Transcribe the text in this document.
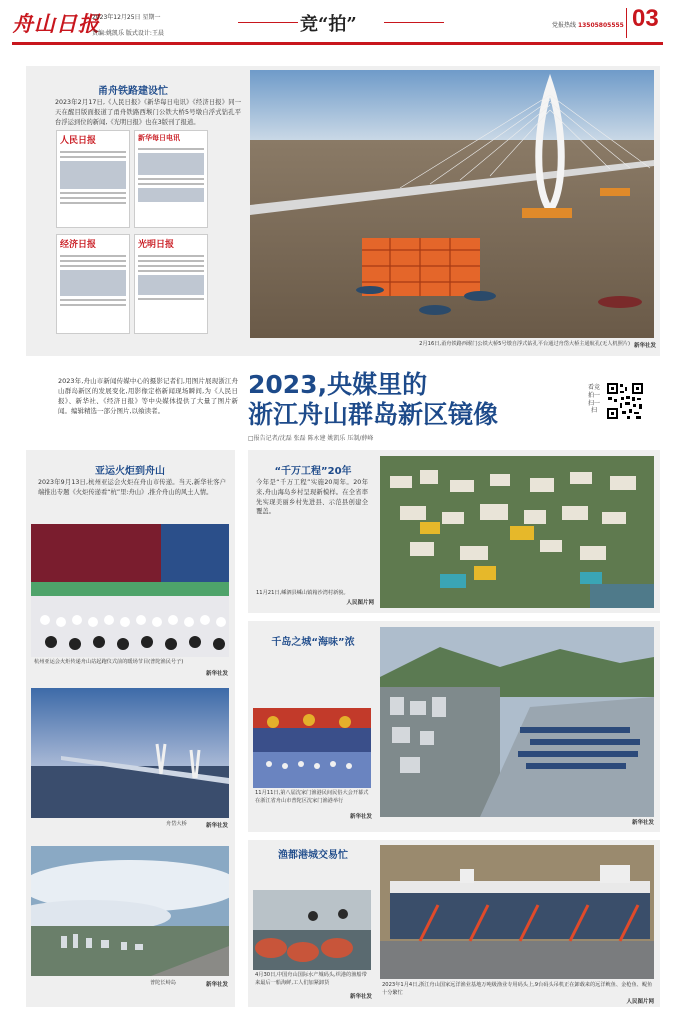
舟山日报
2023年12月25日 星期一
责编:姚凯乐 版式设计:王晨	竞“拍”	党报热线 13505805555 03
甬舟铁路建设忙
2023年2月17日,《人民日报》《新华每日电讯》《经济日报》同一天在醒目版面报道了甬舟铁路西堠门公铁大桥5号墩自浮式钻孔平台浮运到位的新闻,《光明日报》也在3版刊了报道。
人民日报	新华每日电讯
经济日报	光明日报
2月16日,甬舟铁路西堠门公铁大桥5号墩自浮式钻孔平台通过舟岱大桥主通航孔(无人机照片) 新华社发
2023年,舟山市新闻传媒中心的摄影记者们,用图片展现浙江舟山群岛新区的发展变化,用影像定格新闻现场瞬间,为《人民日报》、新华社、《经济日报》等中央媒体提供了大量了图片新闻。编辑精选一部分图片,以飨读者。
2023,央媒里的
浙江舟山群岛新区镜像
□报告记者/沈磊 张磊 陈永建 姚凯乐 压制/薛峰
看竞拍一扫一扫
亚运火炬到舟山
2023年9月13日,杭州亚运会火炬在舟山市传递。当天,新华社客户端推出专题《火炬传递看“杭”里:舟山》,推介舟山的风土人情。
杭州亚运会火炬传递舟山站起跑仪式前的暖场节目(普陀渔民号子)
新华社发
舟岱大桥	新华社发
普陀长峙岛	新华社发
“千万工程”20年
今年是“千万工程”实施20周年。20年来,舟山海岛乡村呈现新模样。在全省率先实现美丽乡村先进县、示范县创建全覆盖。
11月21日,嵊泗县嵊山镇箱沙湾村新貌。
人民图片网
千岛之城“海味”浓
11月11日,第八届沈家门渔港民间民俗大会开幕式在浙江省舟山市普陀区沈家门渔港举行
新华社发
新华社发
渔都港城交易忙
4月30日,中国舟山国际水产城码头,织港的渔船带来最后一船海鲜,工人们加紧卸货
新华社发
2023年1月4日,浙江舟山国家远洋渔业基地万吨级渔业专用码头上,9台码头吊机正在卸载来的远洋鱿鱼、金枪鱼、鳀鱼十分繁忙
人民图片网
